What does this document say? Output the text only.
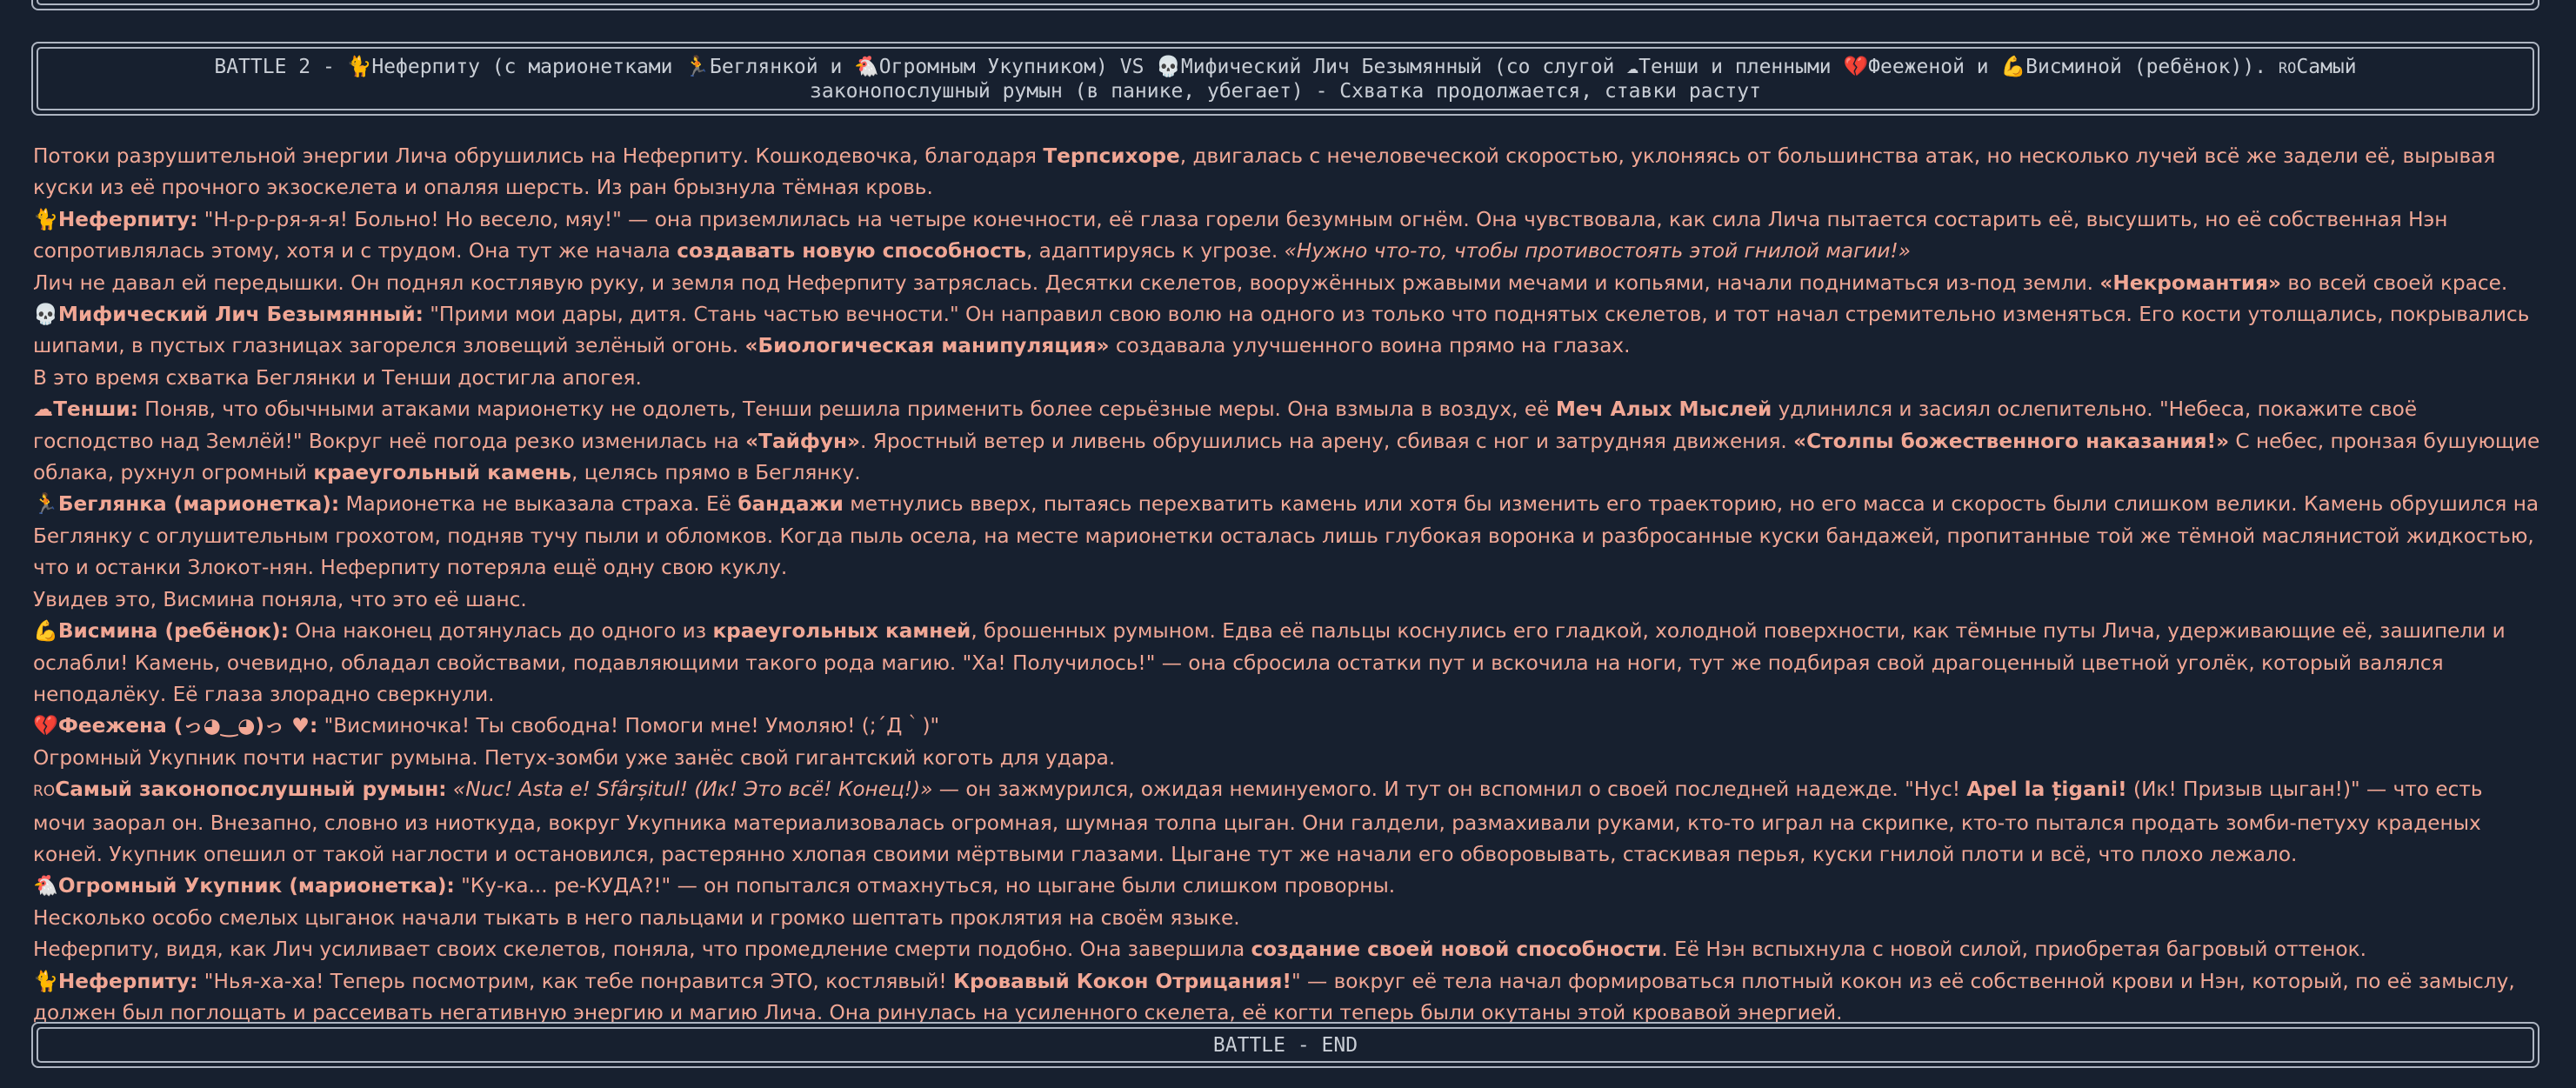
BATTLE 2 - 🐈Неферпиту (с марионетками 🏃Беглянкой и 🐔Огромным Укупником) VS 💀Мифический Лич Безымянный (со слугой ☁Тенши и пленными 💔Феежeной и 💪Висминой (ребёнок)). ROСамый
законопослушный румын (в панике, убегает) - Схватка продолжается, ставки растут

Потоки разрушительной энергии Лича обрушились на Неферпиту. Кошкодевочка, благодаря Терпсихоре, двигалась с нечеловеческой скоростью, уклоняясь от большинства атак, но несколько лучей всё же задели её, вырывая куски из её прочного экзоскелета и опаляя шерсть. Из ран брызнула тёмная кровь.

🐈Неферпиту: "Н-р-р-ря-я-я! Больно! Но весело, мяу!" — она приземлилась на четыре конечности, её глаза горели безумным огнём. Она чувствовала, как сила Лича пытается состарить её, высушить, но её собственная Нэн сопротивлялась этому, хотя и с трудом. Она тут же начала создавать новую способность, адаптируясь к угрозе. «Нужно что-то, чтобы противостоять этой гнилой магии!»

Лич не давал ей передышки. Он поднял костлявую руку, и земля под Неферпиту затряслась. Десятки скелетов, вооружённых ржавыми мечами и копьями, начали подниматься из-под земли. «Некромантия» во всей своей красе.

💀Мифический Лич Безымянный: "Прими мои дары, дитя. Стань частью вечности." Он направил свою волю на одного из только что поднятых скелетов, и тот начал стремительно изменяться. Его кости утолщались, покрывались шипами, в пустых глазницах загорелся зловещий зелёный огонь. «Биологическая манипуляция» создавала улучшенного воина прямо на глазах.

В это время схватка Беглянки и Тенши достигла апогея.

☁Тенши: Поняв, что обычными атаками марионетку не одолеть, Тенши решила применить более серьёзные меры. Она взмыла в воздух, её Меч Алых Мыслей удлинился и засиял ослепительно. "Небеса, покажите своё господство над Землёй!" Вокруг неё погода резко изменилась на «Тайфун». Яростный ветер и ливень обрушились на арену, сбивая с ног и затрудняя движения. «Столпы божественного наказания!» С небес, пронзая бушующие облака, рухнул огромный краеугольный камень, целясь прямо в Беглянку.

🏃Беглянка (марионетка): Марионетка не выказала страха. Её бандажи метнулись вверх, пытаясь перехватить камень или хотя бы изменить его траекторию, но его масса и скорость были слишком велики. Камень обрушился на Беглянку с оглушительным грохотом, подняв тучу пыли и обломков. Когда пыль осела, на месте марионетки осталась лишь глубокая воронка и разбросанные куски бандажей, пропитанные той же тёмной маслянистой жидкостью, что и останки Злокот-нян. Неферпиту потеряла ещё одну свою куклу.

Увидев это, Висмина поняла, что это её шанс.

💪Висмина (ребёнок): Она наконец дотянулась до одного из краеугольных камней, брошенных румыном. Едва её пальцы коснулись его гладкой, холодной поверхности, как тёмные путы Лича, удерживающие её, зашипели и ослабли! Камень, очевидно, обладал свойствами, подавляющими такого рода магию. "Ха! Получилось!" — она сбросила остатки пут и вскочила на ноги, тут же подбирая свой драгоценный цветной уголёк, который валялся неподалёку. Её глаза злорадно сверкнули.

💔Феежена (っ◕‿◕)っ ♥: "Висминочка! Ты свободна! Помоги мне! Умоляю! (;´Д｀)"

Огромный Укупник почти настиг румына. Петух-зомби уже занёс свой гигантский коготь для удара.

ROСамый законопослушный румын: «Nuc! Asta e! Sfârșitul! (Ик! Это всё! Конец!)» — он зажмурился, ожидая неминуемого. И тут он вспомнил о своей последней надежде. "Нус! Apel la țigani! (Ик! Призыв цыган!)" — что есть мочи заорал он. Внезапно, словно из ниоткуда, вокруг Укупника материализовалась огромная, шумная толпа цыган. Они галдели, размахивали руками, кто-то играл на скрипке, кто-то пытался продать зомби-петуху краденых коней. Укупник опешил от такой наглости и остановился, растерянно хлопая своими мёртвыми глазами. Цыгане тут же начали его обворовывать, стаскивая перья, куски гнилой плоти и всё, что плохо лежало.

🐔Огромный Укупник (марионетка): "Ку-ка... ре-КУДА?!" — он попытался отмахнуться, но цыгане были слишком проворны.

Несколько особо смелых цыганок начали тыкать в него пальцами и громко шептать проклятия на своём языке.

Неферпиту, видя, как Лич усиливает своих скелетов, поняла, что промедление смерти подобно. Она завершила создание своей новой способности. Её Нэн вспыхнула с новой силой, приобретая багровый оттенок.

🐈Неферпиту: "Нья-ха-ха! Теперь посмотрим, как тебе понравится ЭТО, костлявый! Кровавый Кокон Отрицания!" — вокруг её тела начал формироваться плотный кокон из её собственной крови и Нэн, который, по её замыслу, должен был поглощать и рассеивать негативную энергию и магию Лича. Она ринулась на усиленного скелета, её когти теперь были окутаны этой кровавой энергией.

BATTLE - END
